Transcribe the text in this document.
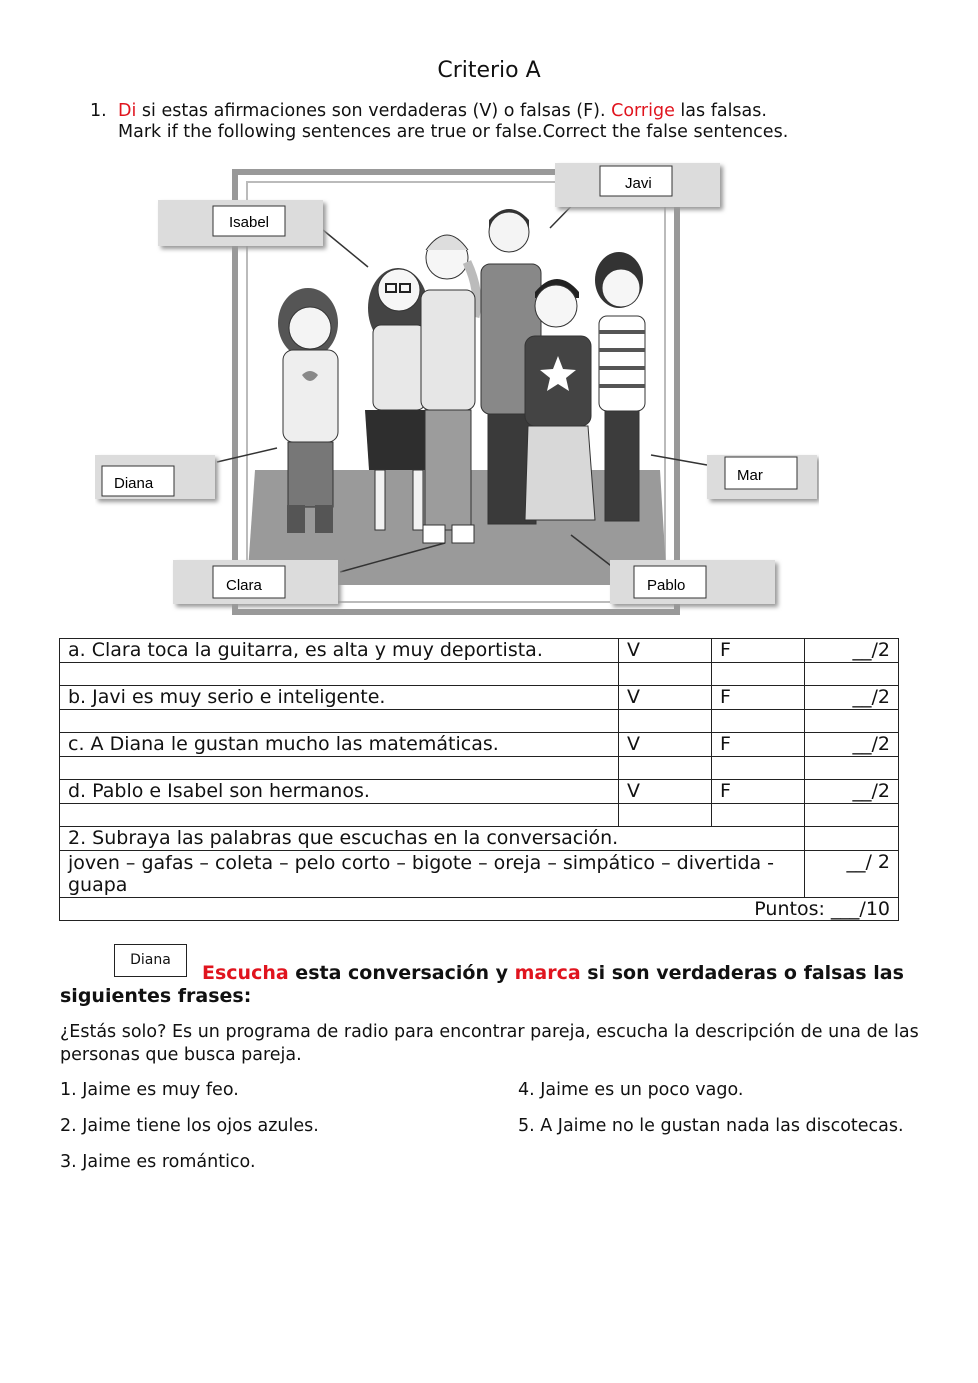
Criterio A
1. Di si estas afirmaciones son verdaderas (V) o falsas (F). Corrige las falsas.
Mark if the following sentences are true or false.Correct the false sentences.
Isabel
Javi
Diana	Mar
Clara	Pablo
a. Clara toca la guitarra, es alta y muy deportista.	V	F	__/2

b. Javi es muy serio e inteligente.	V	F	__/2

c. A Diana le gustan mucho las matemáticas.	V	F	__/2

d. Pablo e Isabel son hermanos.	V	F	__/2

2. Subraya las palabras que escuchas en la conversación.			
joven – gafas – coleta – pelo corto – bigote – oreja – simpático – divertida - guapa			__/ 2
Puntos: ___/10			
Diana
Escucha esta conversación y marca si son verdaderas o falsas las siguientes frases:
¿Estás solo? Es un programa de radio para encontrar pareja, escucha la descripción de una de las personas que busca pareja.
1. Jaime es muy feo.
2. Jaime tiene los ojos azules.
3. Jaime es romántico.
4. Jaime es un poco vago.
5. A Jaime no le gustan nada las discotecas.
